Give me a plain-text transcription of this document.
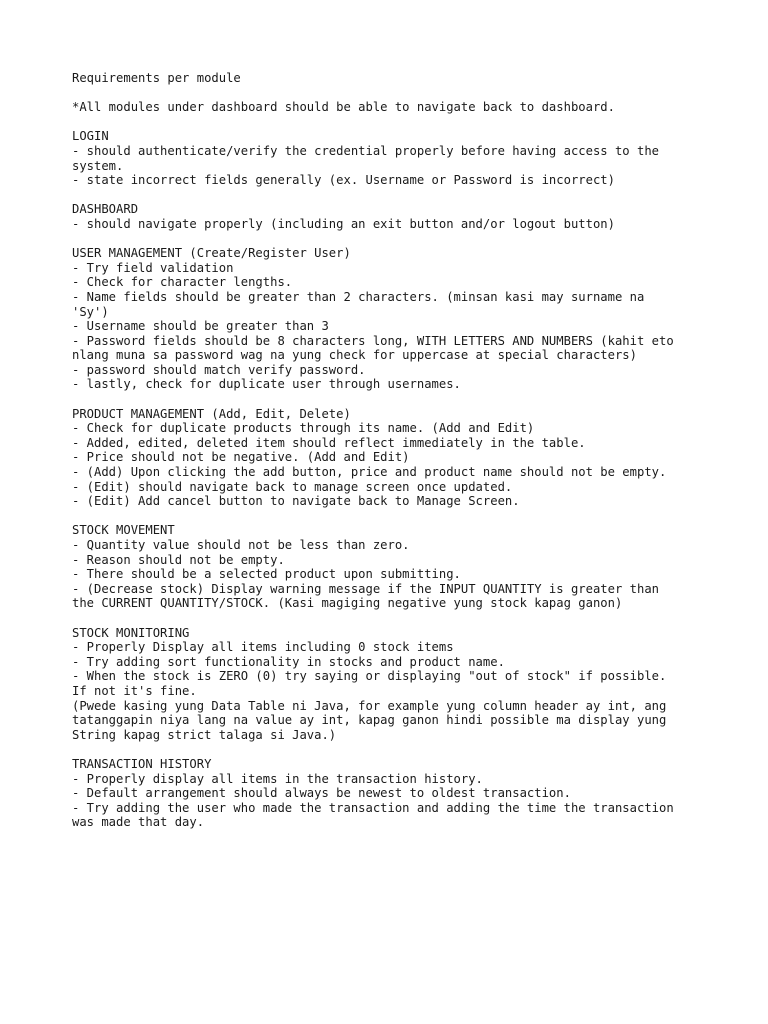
Requirements per module
*All modules under dashboard should be able to navigate back to dashboard.
LOGIN
- should authenticate/verify the credential properly before having access to the
system.
- state incorrect fields generally (ex. Username or Password is incorrect)
DASHBOARD
- should navigate properly (including an exit button and/or logout button)
USER MANAGEMENT (Create/Register User)
- Try field validation
- Check for character lengths.
- Name fields should be greater than 2 characters. (minsan kasi may surname na
'Sy')
- Username should be greater than 3
- Password fields should be 8 characters long, WITH LETTERS AND NUMBERS (kahit eto
nlang muna sa password wag na yung check for uppercase at special characters)
- password should match verify password.
- lastly, check for duplicate user through usernames.
PRODUCT MANAGEMENT (Add, Edit, Delete)
- Check for duplicate products through its name. (Add and Edit)
- Added, edited, deleted item should reflect immediately in the table.
- Price should not be negative. (Add and Edit)
- (Add) Upon clicking the add button, price and product name should not be empty.
- (Edit) should navigate back to manage screen once updated.
- (Edit) Add cancel button to navigate back to Manage Screen.
STOCK MOVEMENT
- Quantity value should not be less than zero.
- Reason should not be empty.
- There should be a selected product upon submitting.
- (Decrease stock) Display warning message if the INPUT QUANTITY is greater than
the CURRENT QUANTITY/STOCK. (Kasi magiging negative yung stock kapag ganon)
STOCK MONITORING
- Properly Display all items including 0 stock items
- Try adding sort functionality in stocks and product name.
- When the stock is ZERO (0) try saying or displaying "out of stock" if possible.
If not it's fine.
(Pwede kasing yung Data Table ni Java, for example yung column header ay int, ang
tatanggapin niya lang na value ay int, kapag ganon hindi possible ma display yung
String kapag strict talaga si Java.)
TRANSACTION HISTORY
- Properly display all items in the transaction history.
- Default arrangement should always be newest to oldest transaction.
- Try adding the user who made the transaction and adding the time the transaction
was made that day.
